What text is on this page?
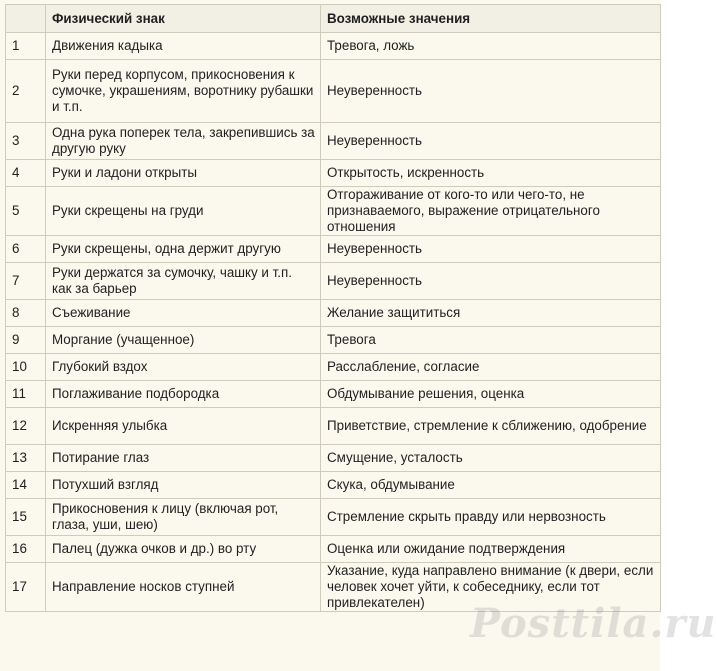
	Физический знак	Возможные значения
1	Движения кадыка	Тревога, ложь
2	Руки перед корпусом, прикосновения к сумочке, украшениям, воротнику рубашки и т.п.	Неуверенность
3	Одна рука поперек тела, закрепившись за другую руку	Неуверенность
4	Руки и ладони открыты	Открытость, искренность
5	Руки скрещены на груди	Отгораживание от кого-то или чего-то, не признаваемого, выражение отрицательного отношения
6	Руки скрещены, одна держит другую	Неуверенность
7	Руки держатся за сумочку, чашку и т.п. как за барьер	Неуверенность
8	Съеживание	Желание защититься
9	Моргание (учащенное)	Тревога
10	Глубокий вздох	Расслабление, согласие
11	Поглаживание подбородка	Обдумывание решения, оценка
12	Искренняя улыбка	Приветствие, стремление к сближению, одобрение
13	Потирание глаз	Смущение, усталость
14	Потухший взгляд	Скука, обдумывание
15	Прикосновения к лицу (включая рот, глаза, уши, шею)	Стремление скрыть правду или нервозность
16	Палец (дужка очков и др.) во рту	Оценка или ожидание подтверждения
17	Направление носков ступней	Указание, куда направлено внимание (к двери, если человек хочет уйти, к собеседнику, если тот привлекателен) Posttila.ru
